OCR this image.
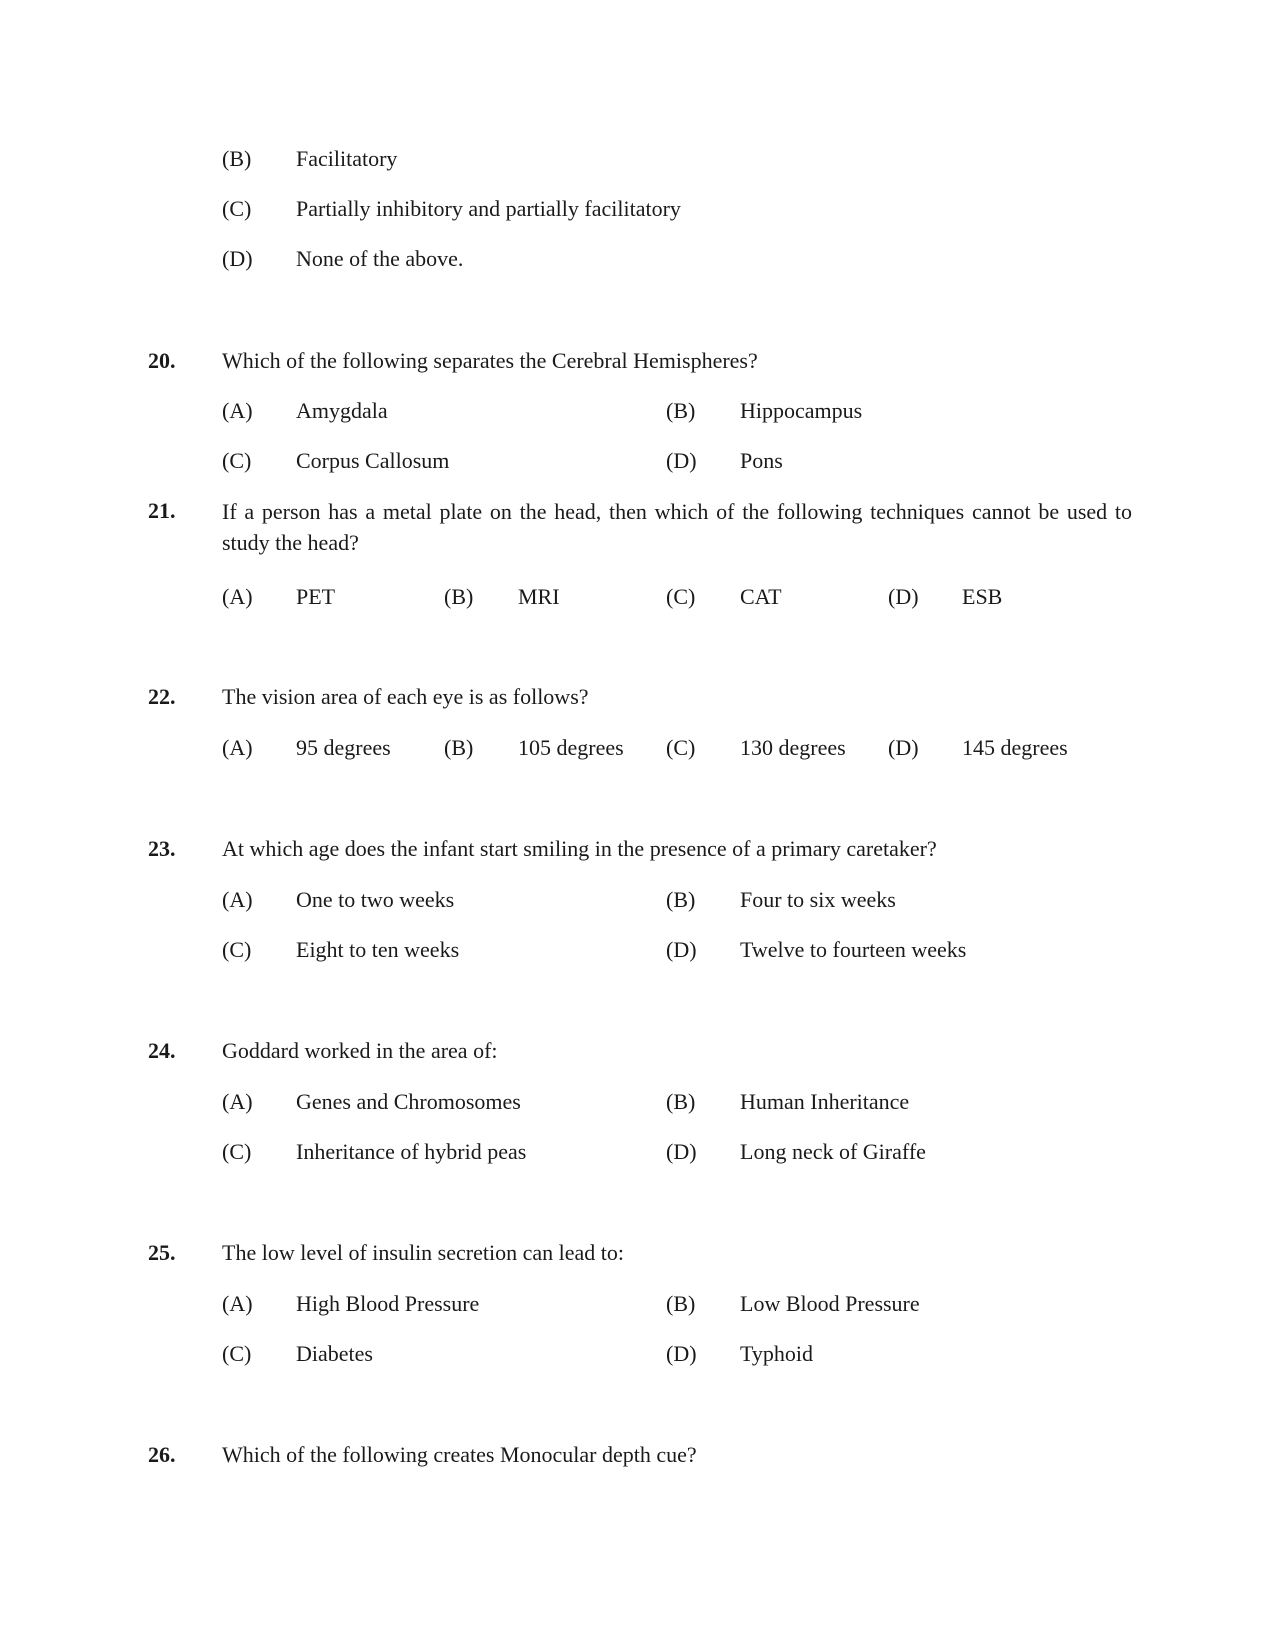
(B) Facilitatory
(C) Partially inhibitory and partially facilitatory
(D) None of the above.
20. Which of the following separates the Cerebral Hemispheres?
(A) Amygdala	(B) Hippocampus
(C) Corpus Callosum	(D) Pons
21. If a person has a metal plate on the head, then which of the following techniques cannot be used to study the head?
(A) PET	(B) MRI	(C) CAT	(D) ESB
22. The vision area of each eye is as follows?
(A) 95 degrees (B) 105 degrees (C) 130 degrees (D) 145 degrees
23. At which age does the infant start smiling in the presence of a primary caretaker?
(A) One to two weeks	(B) Four to six weeks
(C) Eight to ten weeks	(D) Twelve to fourteen weeks
24. Goddard worked in the area of:
(A) Genes and Chromosomes	(B) Human Inheritance
(C) Inheritance of hybrid peas	(D) Long neck of Giraffe
25. The low level of insulin secretion can lead to:
(A) High Blood Pressure	(B) Low Blood Pressure
(C) Diabetes	(D) Typhoid
26. Which of the following creates Monocular depth cue?
